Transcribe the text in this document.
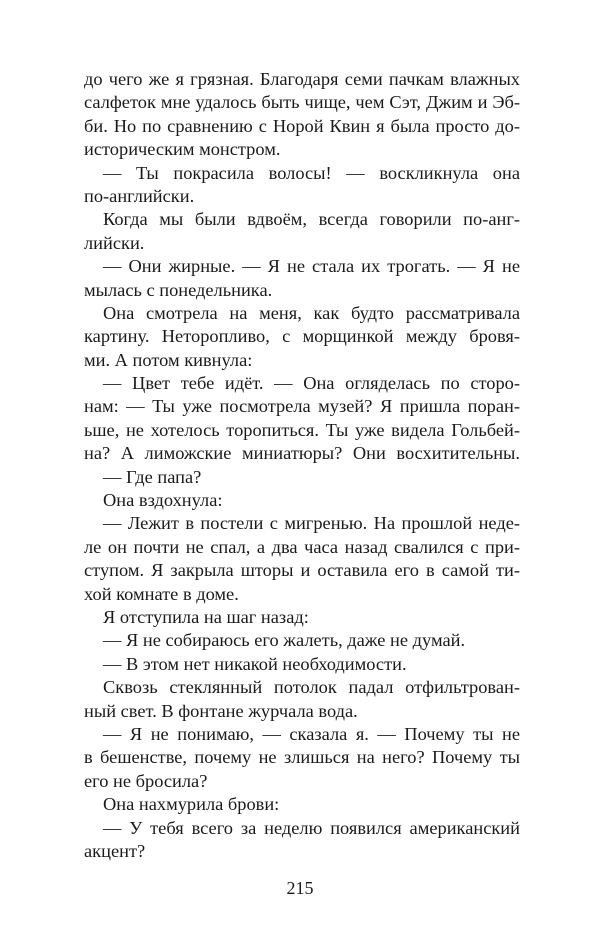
до чего же я грязная. Благодаря семи пачкам влажных
салфеток мне удалось быть чище, чем Сэт, Джим и Эб-
би. Но по сравнению с Норой Квин я была просто до-
историческим монстром.
— Ты покрасила волосы! — воскликнула она
по-английски.
Когда мы были вдвоём, всегда говорили по-анг-
лийски.
— Они жирные. — Я не стала их трогать. — Я не
мылась с понедельника.
Она смотрела на меня, как будто рассматривала
картину. Неторопливо, с морщинкой между бровя-
ми. А потом кивнула:
— Цвет тебе идёт. — Она огляделась по сторо-
нам: — Ты уже посмотрела музей? Я пришла поран-
ьше, не хотелось торопиться. Ты уже видела Гольбей-
на? А лиможские миниатюры? Они восхитительны.
— Где папа?
Она вздохнула:
— Лежит в постели с мигренью. На прошлой неде-
ле он почти не спал, а два часа назад свалился с при-
ступом. Я закрыла шторы и оставила его в самой ти-
хой комнате в доме.
Я отступила на шаг назад:
— Я не собираюсь его жалеть, даже не думай.
— В этом нет никакой необходимости.
Сквозь стеклянный потолок падал отфильтрован-
ный свет. В фонтане журчала вода.
— Я не понимаю, — сказала я. — Почему ты не
в бешенстве, почему не злишься на него? Почему ты
его не бросила?
Она нахмурила брови:
— У тебя всего за неделю появился американский
акцент?
215
